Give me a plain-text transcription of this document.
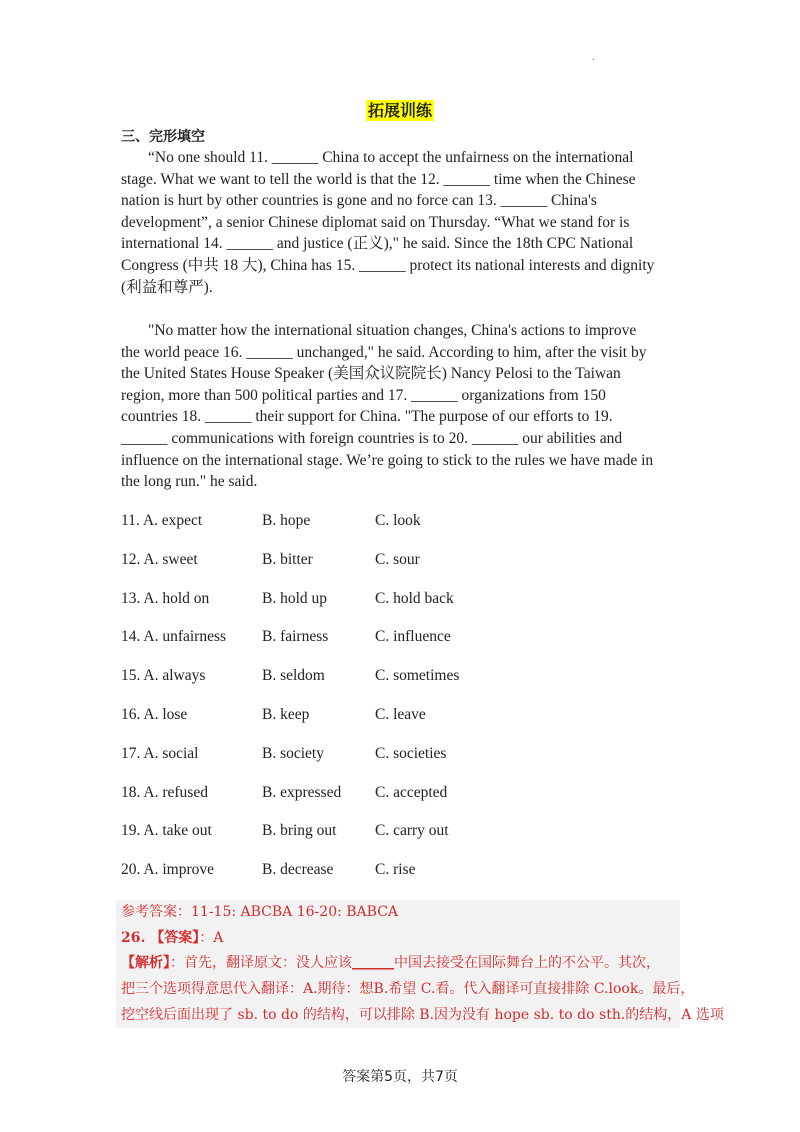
.
拓展训练
三、完形填空

“No one should 11. ______ China to accept the unfairness on the international
stage. What we want to tell the world is that the 12. ______ time when the Chinese
nation is hurt by other countries is gone and no force can 13. ______ China's
development”, a senior Chinese diplomat said on Thursday. “What we stand for is
international 14. ______ and justice (正义)," he said. Since the 18th CPC National
Congress (中共 18 大), China has 15. ______ protect its national interests and dignity
(利益和尊严).

"No matter how the international situation changes, China's actions to improve
the world peace 16. ______ unchanged," he said. According to him, after the visit by
the United States House Speaker (美国众议院院长) Nancy Pelosi to the Taiwan
region, more than 500 political parties and 17. ______ organizations from 150
countries 18. ______ their support for China. "The purpose of our efforts to 19.
______ communications with foreign countries is to 20. ______ our abilities and
influence on the international stage. We’re going to stick to the rules we have made in
the long run." he said.

11. A. expect	B. hope	C. look
12. A. sweet	B. bitter	C. sour
13. A. hold on	B. hold up	C. hold back
14. A. unfairness B. fairness	C. influence
15. A. always	B. seldom	C. sometimes
16. A. lose	B. keep	C. leave
17. A. social	B. society	C. societies
18. A. refused	B. expressed C. accepted
19. A. take out	B. bring out C. carry out
20. A. improve	B. decrease	C. rise
参考答案：11-15: ABCBA 16-20: BABCA
26. 【答案】：A
【解析】：首先，翻译原文：没人应该______中国去接受在国际舞台上的不公平。其次，
把三个选项得意思代入翻译：A.期待：想B.希望 C.看。代入翻译可直接排除 C.look。最后，
挖空线后面出现了 sb. to do 的结构，可以排除 B.因为没有 hope sb. to do sth.的结构，A 选项
答案第5页，共7页
